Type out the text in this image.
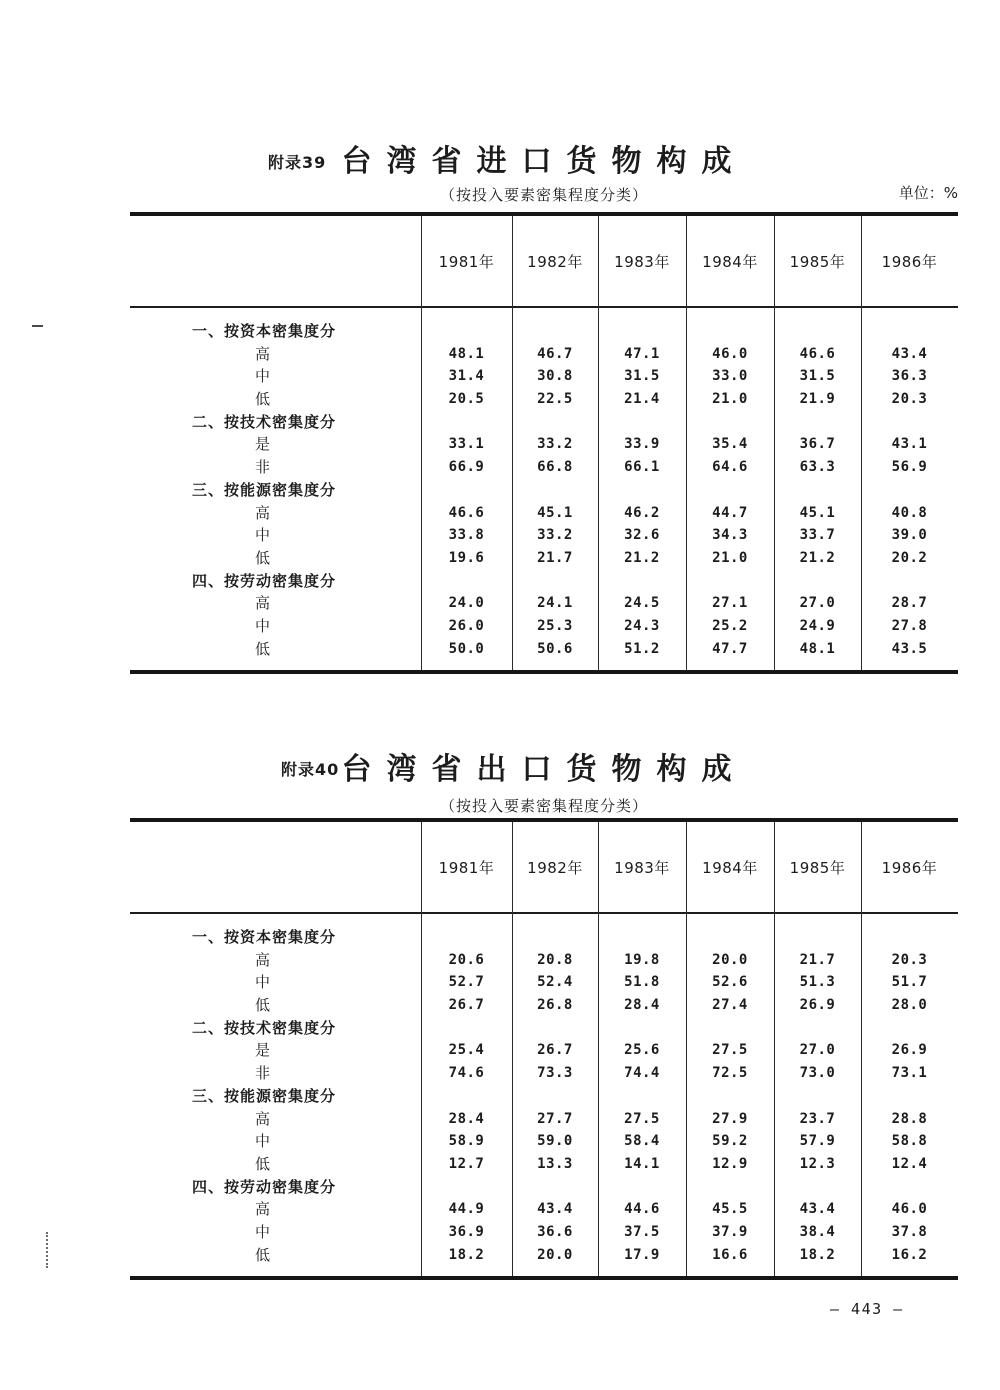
附录39 台湾省进口货物构成
（按投入要素密集程度分类）	单位：%
1981年	1982年	1983年	1984年	1985年	1986年
一、按资本密集度分
高	48.1	46.7	47.1	46.0	46.6	43.4
中	31.4	30.8	31.5	33.0	31.5	36.3
低	20.5	22.5	21.4	21.0	21.9	20.3
二、按技术密集度分
是	33.1	33.2	33.9	35.4	36.7	43.1
非	66.9	66.8	66.1	64.6	63.3	56.9
三、按能源密集度分
高	46.6	45.1	46.2	44.7	45.1	40.8
中	33.8	33.2	32.6	34.3	33.7	39.0
低	19.6	21.7	21.2	21.0	21.2	20.2
四、按劳动密集度分
高	24.0	24.1	24.5	27.1	27.0	28.7
中	26.0	25.3	24.3	25.2	24.9	27.8
低	50.0	50.6	51.2	47.7	48.1	43.5
附录40 台湾省出口货物构成
（按投入要素密集程度分类）
1981年	1982年	1983年	1984年	1985年	1986年
一、按资本密集度分
高	20.6	20.8	19.8	20.0	21.7	20.3
中	52.7	52.4	51.8	52.6	51.3	51.7
低	26.7	26.8	28.4	27.4	26.9	28.0
二、按技术密集度分
是	25.4	26.7	25.6	27.5	27.0	26.9
非	74.6	73.3	74.4	72.5	73.0	73.1
三、按能源密集度分
高	28.4	27.7	27.5	27.9	23.7	28.8
中	58.9	59.0	58.4	59.2	57.9	58.8
低	12.7	13.3	14.1	12.9	12.3	12.4
四、按劳动密集度分
高	44.9	43.4	44.6	45.5	43.4	46.0
中	36.9	36.6	37.5	37.9	38.4	37.8
低	18.2	20.0	17.9	16.6	18.2	16.2
— 443 —
